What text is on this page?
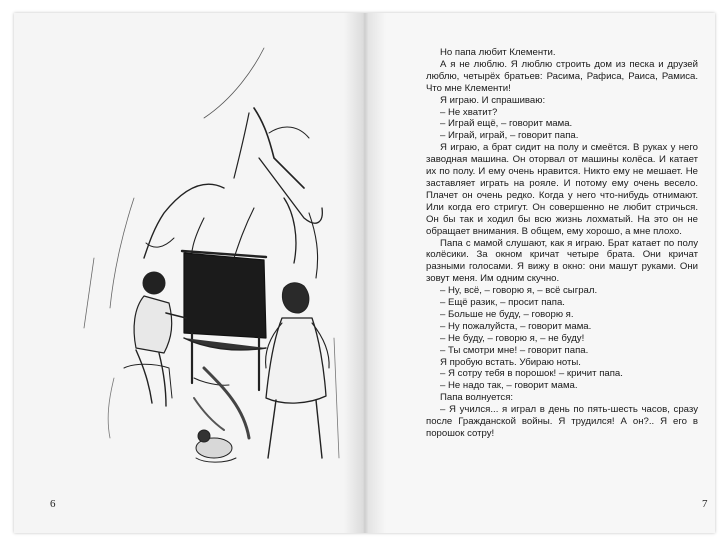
6	7

Но папа любит Клементи.

А я не люблю. Я люблю строить дом из песка и друзей люблю, четырёх братьев: Расима, Рафиса, Раиса, Рамиса. Что мне Клементи!

Я играю. И спрашиваю:

– Не хватит?

– Играй ещё, – говорит мама.

– Играй, играй, – говорит папа.

Я играю, а брат сидит на полу и смеётся. В руках у него заводная машина. Он оторвал от машины колёса. И катает их по полу. И ему очень нравится. Никто ему не мешает. Не заставляет играть на рояле. И потому ему очень весело. Плачет он очень редко. Когда у него что-нибудь отнимают. Или когда его стригут. Он совершенно не любит стричься. Он бы так и ходил бы всю жизнь лохматый. На это он не обращает внимания. В общем, ему хорошо, а мне плохо.

Папа с мамой слушают, как я играю. Брат катает по полу колёсики. За окном кричат четыре брата. Они кричат разными голосами. Я вижу в окно: они машут руками. Они зовут меня. Им одним скучно.

– Ну, всё, – говорю я, – всё сыграл.

– Ещё разик, – просит папа.

– Больше не буду, – говорю я.

– Ну пожалуйста, – говорит мама.

– Не буду, – говорю я, – не буду!

– Ты смотри мне! – говорит папа.

Я пробую встать. Убираю ноты.

– Я сотру тебя в порошок! – кричит папа.

– Не надо так, – говорит мама.

Папа волнуется:

– Я учился... я играл в день по пять-шесть часов, сразу после Гражданской войны. Я трудился! А он?.. Я его в порошок сотру!
